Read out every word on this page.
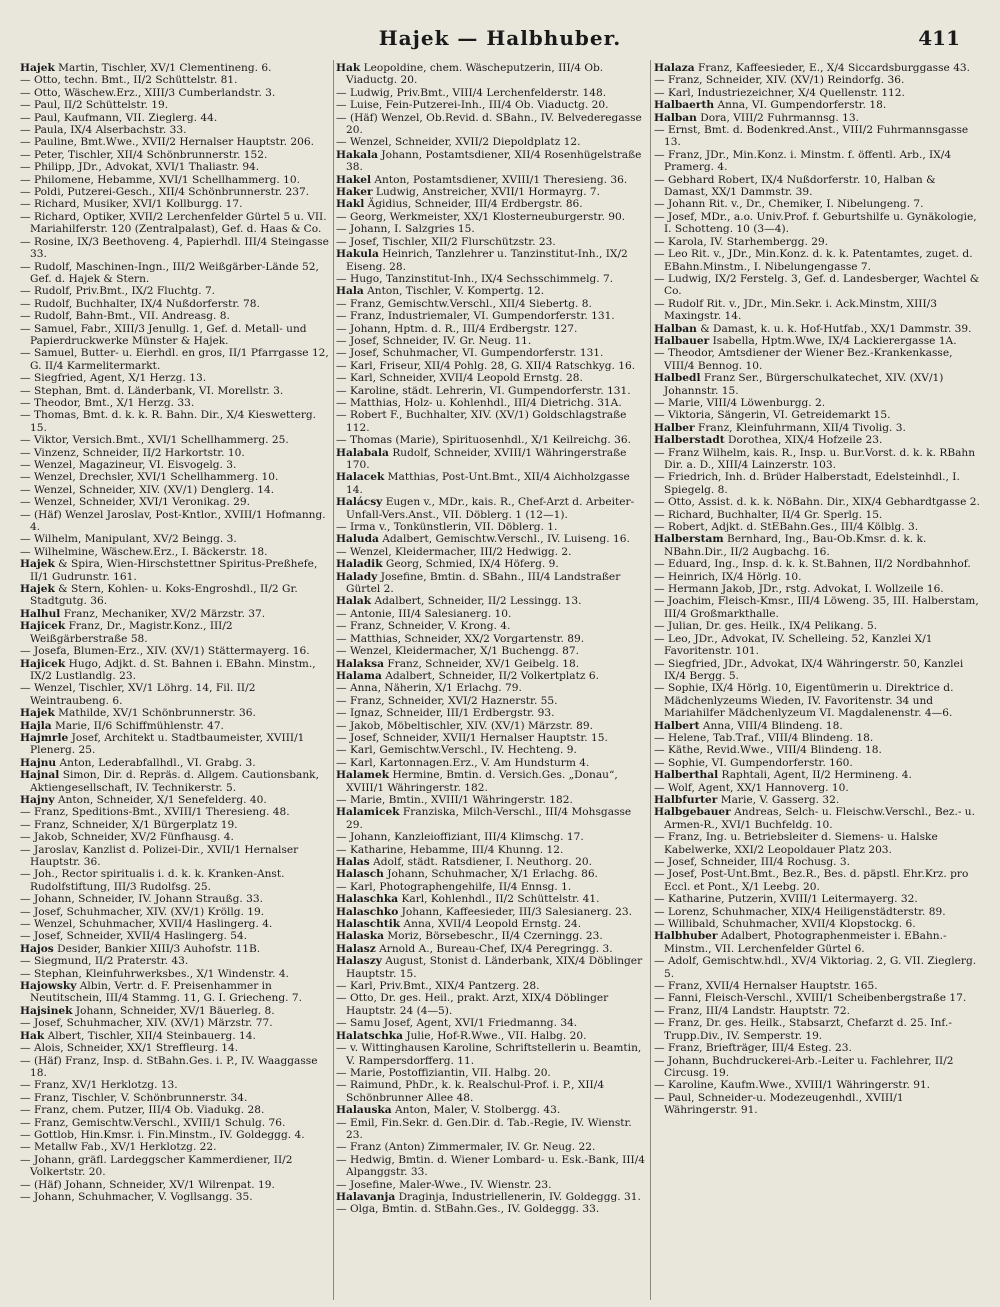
Hajek — Halbhuber.	411

Hajek Martin, Tischler, XV/1 Clementineng. 6.

— Otto, techn. Bmt., II/2 Schüttelstr. 81.

— Otto, Wäschew.Erz., XIII/3 Cumberlandstr. 3.

— Paul, II/2 Schüttelstr. 19.

— Paul, Kaufmann, VII. Zieglerg. 44.

— Paula, IX/4 Alserbachstr. 33.

— Pauline, Bmt.Wwe., XVII/2 Hernalser Hauptstr. 206.

— Peter, Tischler, XII/4 Schönbrunnerstr. 152.

— Philipp, JDr., Advokat, XVI/1 Thaliastr. 94.

— Philomene, Hebamme, XVI/1 Schellhammerg. 10.

— Poldi, Putzerei-Gesch., XII/4 Schönbrunnerstr. 237.

— Richard, Musiker, XVI/1 Kollburgg. 17.

— Richard, Optiker, XVII/2 Lerchenfelder Gürtel 5 u. VII. Mariahilferstr. 120 (Zentralpalast), Gef. d. Haas & Co.

— Rosine, IX/3 Beethoveng. 4, Papierhdl. III/4 Steingasse 33.

— Rudolf, Maschinen-Ingn., III/2 Weißgärber-Lände 52, Gef. d. Hajek & Stern.

— Rudolf, Priv.Bmt., IX/2 Fluchtg. 7.

— Rudolf, Buchhalter, IX/4 Nußdorferstr. 78.

— Rudolf, Bahn-Bmt., VII. Andreasg. 8.

— Samuel, Fabr., XIII/3 Jenullg. 1, Gef. d. Metall- und Papierdruckwerke Münster & Hajek.

— Samuel, Butter- u. Eierhdl. en gros, II/1 Pfarrgasse 12, G. II/4 Karmelitermarkt.

— Siegfried, Agent, X/1 Herzg. 13.

— Stephan, Bmt. d. Länderbank, VI. Morellstr. 3.

— Theodor, Bmt., X/1 Herzg. 33.

— Thomas, Bmt. d. k. k. R. Bahn. Dir., X/4 Kieswetterg. 15.

— Viktor, Versich.Bmt., XVI/1 Schellhammerg. 25.

— Vinzenz, Schneider, II/2 Harkortstr. 10.

— Wenzel, Magazineur, VI. Eisvogelg. 3.

— Wenzel, Drechsler, XVI/1 Schellhammerg. 10.

— Wenzel, Schneider, XIV. (XV/1) Denglerg. 14.

— Wenzel, Schneider, XVI/1 Veronikag. 29.

— (Häf) Wenzel Jaroslav, Post-Kntlor., XVIII/1 Hofmanng. 4.

— Wilhelm, Manipulant, XV/2 Beingg. 3.

— Wilhelmine, Wäschew.Erz., I. Bäckerstr. 18.

Hajek & Spira, Wien-Hirschstettner Spiritus-Preßhefe, II/1 Gudrunstr. 161.

Hajek & Stern, Kohlen- u. Koks-Engroshdl., II/2 Gr. Stadtgutg. 36.

Halhul Franz, Mechaniker, XV/2 Märzstr. 37.

Hajicek Franz, Dr., Magistr.Konz., III/2 Weißgärberstraße 58.

— Josefa, Blumen-Erz., XIV. (XV/1) Stättermayerg. 16.

Hajicek Hugo, Adjkt. d. St. Bahnen i. EBahn. Minstm., IX/2 Lustlandlg. 23.

— Wenzel, Tischler, XV/1 Löhrg. 14, Fil. II/2 Weintraubeng. 6.

Hajek Mathilde, XV/1 Schönbrunnerstr. 36.

Hajla Marie, II/6 Schiffmühlenstr. 47.

Hajmrle Josef, Architekt u. Stadtbaumeister, XVIII/1 Plenerg. 25.

Hajnu Anton, Lederabfallhdl., VI. Grabg. 3.

Hajnal Simon, Dir. d. Repräs. d. Allgem. Cautionsbank, Aktiengesellschaft, IV. Technikerstr. 5.

Hajny Anton, Schneider, X/1 Senefelderg. 40.

— Franz, Speditions-Bmt., XVIII/1 Theresieng. 48.

— Franz, Schneider, X/1 Bürgerplatz 19.

— Jakob, Schneider, XV/2 Fünfhausg. 4.

— Jaroslav, Kanzlist d. Polizei-Dir., XVII/1 Hernalser Hauptstr. 36.

— Joh., Rector spiritualis i. d. k. k. Kranken-Anst. Rudolfstiftung, III/3 Rudolfsg. 25.

— Johann, Schneider, IV. Johann Straußg. 33.

— Josef, Schuhmacher, XIV. (XV/1) Kröllg. 19.

— Wenzel, Schuhmacher, XVII/4 Haslingerg. 4.

— Josef, Schneider, XVII/4 Haslingerg. 54.

Hajos Desider, Bankier XIII/3 Auhofstr. 11B.

— Siegmund, II/2 Praterstr. 43.

— Stephan, Kleinfuhrwerksbes., X/1 Windenstr. 4.

Hajowsky Albin, Vertr. d. F. Preisenhammer in Neutitschein, III/4 Stammg. 11, G. I. Griecheng. 7.

Hajsinek Johann, Schneider, XV/1 Bäuerleg. 8.

— Josef, Schuhmacher, XIV. (XV/1) Märzstr. 77.

Hak Albert, Tischler, XII/4 Steinbauerg. 14.

— Alois, Schneider, XX/1 Streffleurg. 14.

— (Häf) Franz, Insp. d. StBahn.Ges. i. P., IV. Waaggasse 18.

— Franz, XV/1 Herklotzg. 13.

— Franz, Tischler, V. Schönbrunnerstr. 34.

— Franz, chem. Putzer, III/4 Ob. Viadukg. 28.

— Franz, Gemischtw.Verschl., XVIII/1 Schulg. 76.

— Gottlob, Hin.Kmsr. i. Fin.Minstm., IV. Goldeggg. 4.

— Metallw Fab., XV/1 Herklotzg. 22.

— Johann, gräfl. Lardeggscher Kammerdiener, II/2 Volkertstr. 20.

— (Häf) Johann, Schneider, XV/1 Wilrenpat. 19.

— Johann, Schuhmacher, V. Vogllsangg. 35.

Hak Leopoldine, chem. Wäscheputzerin, III/4 Ob. Viaductg. 20.

— Ludwig, Priv.Bmt., VIII/4 Lerchenfelderstr. 148.

— Luise, Fein-Putzerei-Inh., III/4 Ob. Viaductg. 20.

— (Häf) Wenzel, Ob.Revid. d. SBahn., IV. Belvederegasse 20.

— Wenzel, Schneider, XVII/2 Diepoldplatz 12.

Hakala Johann, Postamtsdiener, XII/4 Rosenhügelstraße 38.

Hakel Anton, Postamtsdiener, XVIII/1 Theresieng. 36.

Haker Ludwig, Anstreicher, XVII/1 Hormayrg. 7.

Hakl Ägidius, Schneider, III/4 Erdbergstr. 86.

— Georg, Werkmeister, XX/1 Klosterneuburgerstr. 90.

— Johann, I. Salzgries 15.

— Josef, Tischler, XII/2 Flurschützstr. 23.

Hakula Heinrich, Tanzlehrer u. Tanzinstitut-Inh., IX/2 Eiseng. 28.

— Hugo, Tanzinstitut-Inh., IX/4 Sechsschimmelg. 7.

Hala Anton, Tischler, V. Kompertg. 12.

— Franz, Gemischtw.Verschl., XII/4 Siebertg. 8.

— Franz, Industriemaler, VI. Gumpendorferstr. 131.

— Johann, Hptm. d. R., III/4 Erdbergstr. 127.

— Josef, Schneider, IV. Gr. Neug. 11.

— Josef, Schuhmacher, VI. Gumpendorferstr. 131.

— Karl, Friseur, XII/4 Pohlg. 28, G. XII/4 Ratschkyg. 16.

— Karl, Schneider, XVII/4 Leopold Ernstg. 28.

— Karoline, städt. Lehrerin, VI. Gumpendorferstr. 131.

— Matthias, Holz- u. Kohlenhdl., III/4 Dietrichg. 31A.

— Robert F., Buchhalter, XIV. (XV/1) Goldschlagstraße 112.

— Thomas (Marie), Spirituosenhdl., X/1 Keilreichg. 36.

Halabala Rudolf, Schneider, XVIII/1 Währingerstraße 170.

Halacek Matthias, Post-Unt.Bmt., XII/4 Aichholzgasse 14.

Halácsy Eugen v., MDr., kais. R., Chef-Arzt d. Arbeiter-Unfall-Vers.Anst., VII. Döblerg. 1 (12—1).

— Irma v., Tonkünstlerin, VII. Döblerg. 1.

Haluda Adalbert, Gemischtw.Verschl., IV. Luiseng. 16.

— Wenzel, Kleidermacher, III/2 Hedwigg. 2.

Haladik Georg, Schmied, IX/4 Höferg. 9.

Halady Josefine, Bmtin. d. SBahn., III/4 Landstraßer Gürtel 2.

Halak Adalbert, Schneider, II/2 Lessingg. 13.

— Antonie, III/4 Salesianerg. 10.

— Franz, Schneider, V. Krong. 4.

— Matthias, Schneider, XX/2 Vorgartenstr. 89.

— Wenzel, Kleidermacher, X/1 Buchengg. 87.

Halaksa Franz, Schneider, XV/1 Geibelg. 18.

Halama Adalbert, Schneider, II/2 Volkertplatz 6.

— Anna, Näherin, X/1 Erlachg. 79.

— Franz, Schneider, XVI/2 Haznerstr. 55.

— Ignaz, Schneider, III/1 Erdbergstr. 93.

— Jakob, Möbeltischler, XIV. (XV/1) Märzstr. 89.

— Josef, Schneider, XVII/1 Hernalser Hauptstr. 15.

— Karl, Gemischtw.Verschl., IV. Hechteng. 9.

— Karl, Kartonnagen.Erz., V. Am Hundsturm 4.

Halamek Hermine, Bmtin. d. Versich.Ges. „Donau“, XVIII/1 Währingerstr. 182.

— Marie, Bmtin., XVIII/1 Währingerstr. 182.

Halamicek Franziska, Milch-Verschl., III/4 Mohsgasse 29.

— Johann, Kanzleioffiziant, III/4 Klimschg. 17.

— Katharine, Hebamme, III/4 Khunng. 12.

Halas Adolf, städt. Ratsdiener, I. Neuthorg. 20.

Halasch Johann, Schuhmacher, X/1 Erlachg. 86.

— Karl, Photographengehilfe, II/4 Ennsg. 1.

Halaschka Karl, Kohlenhdl., II/2 Schüttelstr. 41.

Halaschko Johann, Kaffeesieder, III/3 Salesianerg. 23.

Halaschtik Anna, XVII/4 Leopold Ernstg. 24.

Halaska Moriz, Börsebeschr., II/4 Czerningg. 23.

Halasz Arnold A., Bureau-Chef, IX/4 Peregringg. 3.

Halaszy August, Stonist d. Länderbank, XIX/4 Döblinger Hauptstr. 15.

— Karl, Priv.Bmt., XIX/4 Pantzerg. 28.

— Otto, Dr. ges. Heil., prakt. Arzt, XIX/4 Döblinger Hauptstr. 24 (4—5).

— Samu Josef, Agent, XVI/1 Friedmanng. 34.

Halatschka Julie, Hof-R.Wwe., VII. Halbg. 20.

— v. Wittinghausen Karoline, Schriftstellerin u. Beamtin, V. Rampersdorfferg. 11.

— Marie, Postoffiziantin, VII. Halbg. 20.

— Raimund, PhDr., k. k. Realschul-Prof. i. P., XII/4 Schönbrunner Allee 48.

Halauska Anton, Maler, V. Stolbergg. 43.

— Emil, Fin.Sekr. d. Gen.Dir. d. Tab.-Regie, IV. Wienstr. 23.

— Franz (Anton) Zimmermaler, IV. Gr. Neug. 22.

— Hedwig, Bmtin. d. Wiener Lombard- u. Esk.-Bank, III/4 Alpanggstr. 33.

— Josefine, Maler-Wwe., IV. Wienstr. 23.

Halavanja Draginja, Industriellenerin, IV. Goldeggg. 31.

— Olga, Bmtin. d. StBahn.Ges., IV. Goldeggg. 33.

Halaza Franz, Kaffeesieder, E., X/4 Siccardsburggasse 43.

— Franz, Schneider, XIV. (XV/1) Reindorfg. 36.

— Karl, Industriezeichner, X/4 Quellenstr. 112.

Halbaerth Anna, VI. Gumpendorferstr. 18.

Halban Dora, VIII/2 Fuhrmannsg. 13.

— Ernst, Bmt. d. Bodenkred.Anst., VIII/2 Fuhrmannsgasse 13.

— Franz, JDr., Min.Konz. i. Minstm. f. öffentl. Arb., IX/4 Pramerg. 4.

— Gebhard Robert, IX/4 Nußdorferstr. 10, Halban & Damast, XX/1 Dammstr. 39.

— Johann Rit. v., Dr., Chemiker, I. Nibelungeng. 7.

— Josef, MDr., a.o. Univ.Prof. f. Geburtshilfe u. Gynäkologie, I. Schotteng. 10 (3—4).

— Karola, IV. Starhembergg. 29.

— Leo Rit. v., JDr., Min.Konz. d. k. k. Patentamtes, zuget. d. EBahn.Minstm., I. Nibelungengasse 7.

— Ludwig, IX/2 Ferstelg. 3, Gef. d. Landesberger, Wachtel & Co.

— Rudolf Rit. v., JDr., Min.Sekr. i. Ack.Minstm, XIII/3 Maxingstr. 14.

Halban & Damast, k. u. k. Hof-Hutfab., XX/1 Dammstr. 39.

Halbauer Isabella, Hptm.Wwe, IX/4 Lackierergasse 1A.

— Theodor, Amtsdiener der Wiener Bez.-Krankenkasse, VIII/4 Bennog. 10.

Halbedl Franz Ser., Bürgerschulkatechet, XIV. (XV/1) Johannstr. 15.

— Marie, VIII/4 Löwenburgg. 2.

— Viktoria, Sängerin, VI. Getreidemarkt 15.

Halber Franz, Kleinfuhrmann, XII/4 Tivolig. 3.

Halberstadt Dorothea, XIX/4 Hofzeile 23.

— Franz Wilhelm, kais. R., Insp. u. Bur.Vorst. d. k. k. RBahn Dir. a. D., XIII/4 Lainzerstr. 103.

— Friedrich, Inh. d. Brüder Halberstadt, Edelsteinhdl., I. Spiegelg. 8.

— Otto, Assist. d. k. k. NöBahn. Dir., XIX/4 Gebhardtgasse 2.

— Richard, Buchhalter, II/4 Gr. Sperlg. 15.

— Robert, Adjkt. d. StEBahn.Ges., III/4 Kölblg. 3.

Halberstam Bernhard, Ing., Bau-Ob.Kmsr. d. k. k. NBahn.Dir., II/2 Augbachg. 16.

— Eduard, Ing., Insp. d. k. k. St.Bahnen, II/2 Nordbahnhof.

— Heinrich, IX/4 Hörlg. 10.

— Hermann Jakob, JDr., rstg. Advokat, I. Wollzeile 16.

— Joachim, Fleisch-Kmsr., III/4 Löweng. 35, III. Halberstam, III/4 Großmarkthalle.

— Julian, Dr. ges. Heilk., IX/4 Pelikang. 5.

— Leo, JDr., Advokat, IV. Schelleing. 52, Kanzlei X/1 Favoritenstr. 101.

— Siegfried, JDr., Advokat, IX/4 Währingerstr. 50, Kanzlei IX/4 Bergg. 5.

— Sophie, IX/4 Hörlg. 10, Eigentümerin u. Direktrice d. Mädchenlyzeums Wieden, IV. Favoritenstr. 34 und Mariahilfer Mädchenlyzeum VI. Magdalenenstr. 4—6.

Halbert Anna, VIII/4 Blindeng. 18.

— Helene, Tab.Traf., VIII/4 Blindeng. 18.

— Käthe, Revid.Wwe., VIII/4 Blindeng. 18.

— Sophie, VI. Gumpendorferstr. 160.

Halberthal Raphtali, Agent, II/2 Hermineng. 4.

— Wolf, Agent, XX/1 Hannoverg. 10.

Halbfurter Marie, V. Gasserg. 32.

Halbgebauer Andreas, Selch- u. Fleischw.Verschl., Bez.- u. Armen-R., XVI/1 Buchfeldg. 10.

— Franz, Ing. u. Betriebsleiter d. Siemens- u. Halske Kabelwerke, XXI/2 Leopoldauer Platz 203.

— Josef, Schneider, III/4 Rochusg. 3.

— Josef, Post-Unt.Bmt., Bez.R., Bes. d. päpstl. Ehr.Krz. pro Eccl. et Pont., X/1 Leebg. 20.

— Katharine, Putzerin, XVIII/1 Leitermayerg. 32.

— Lorenz, Schuhmacher, XIX/4 Heiligenstädterstr. 89.

— Willibald, Schuhmacher, XVII/4 Klopstockg. 6.

Halbhuber Adalbert, Photographenmeister i. EBahn.-Minstm., VII. Lerchenfelder Gürtel 6.

— Adolf, Gemischtw.hdl., XV/4 Viktoriag. 2, G. VII. Zieglerg. 5.

— Franz, XVII/4 Hernalser Hauptstr. 165.

— Fanni, Fleisch-Verschl., XVIII/1 Scheibenbergstraße 17.

— Franz, III/4 Landstr. Hauptstr. 72.

— Franz, Dr. ges. Heilk., Stabsarzt, Chefarzt d. 25. Inf.-Trupp.Div., IV. Semperstr. 19.

— Franz, Briefträger, III/4 Esteg. 23.

— Johann, Buchdruckerei-Arb.-Leiter u. Fachlehrer, II/2 Circusg. 19.

— Karoline, Kaufm.Wwe., XVIII/1 Währingerstr. 91.

— Paul, Schneider-u. Modezeugenhdl., XVIII/1 Währingerstr. 91.
